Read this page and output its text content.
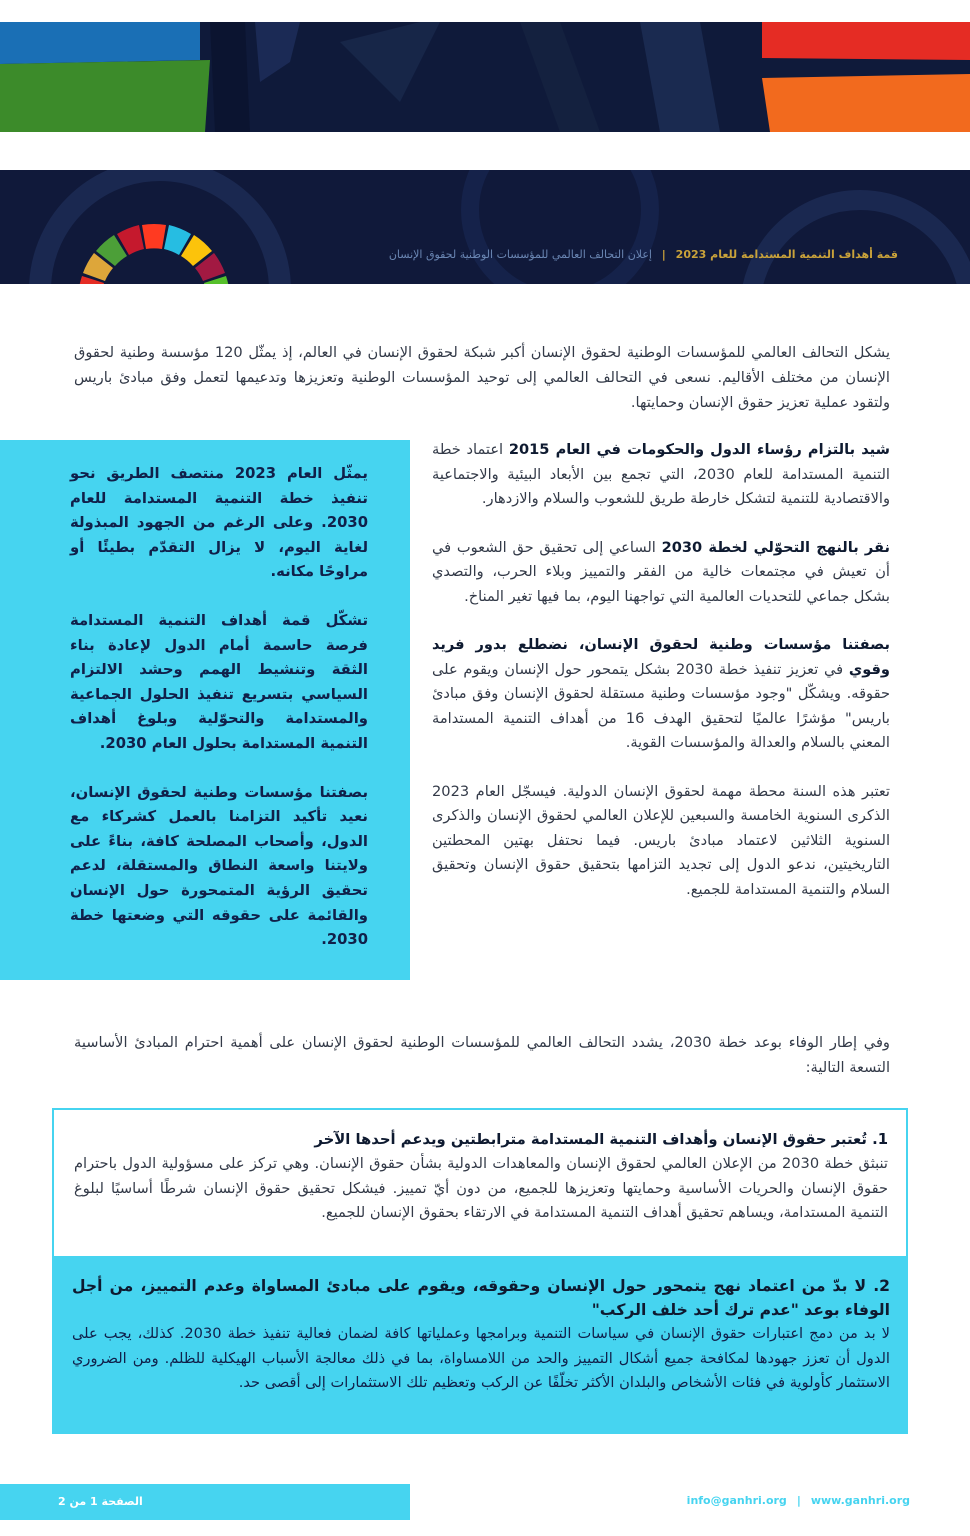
قمة أهداف التنمية المستدامة للعام 2023 | إعلان التحالف العالمي للمؤسسات الوطنية لحقوق الإنسان

يشكل التحالف العالمي للمؤسسات الوطنية لحقوق الإنسان أكبر شبكة لحقوق الإنسان في العالم، إذ يمثّل 120 مؤسسة وطنية لحقوق الإنسان من مختلف الأقاليم. نسعى في التحالف العالمي إلى توحيد المؤسسات الوطنية وتعزيزها وتدعيمها لتعمل وفق مبادئ باريس ولتقود عملية تعزيز حقوق الإنسان وحمايتها.

يمثّل العام 2023 منتصف الطريق نحو تنفيذ خطة التنمية المستدامة للعام 2030. وعلى الرغم من الجهود المبذولة لغاية اليوم، لا يزال التقدّم بطيئًا أو مراوحًا مكانه.

تشكّل قمة أهداف التنمية المستدامة فرصة حاسمة أمام الدول لإعادة بناء الثقة وتنشيط الهمم وحشد الالتزام السياسي بتسريع تنفيذ الحلول الجماعية والمستدامة والتحوّلية وبلوغ أهداف التنمية المستدامة بحلول العام 2030.

بصفتنا مؤسسات وطنية لحقوق الإنسان، نعيد تأكيد التزامنا بالعمل كشركاء مع الدول، وأصحاب المصلحة كافة، بناءً على ولايتنا واسعة النطاق والمستقلة، لدعم تحقيق الرؤية المتمحورة حول الإنسان والقائمة على حقوقه التي وضعتها خطة 2030.

شيد بالتزام رؤساء الدول والحكومات في العام 2015 اعتماد خطة التنمية المستدامة للعام 2030، التي تجمع بين الأبعاد البيئية والاجتماعية والاقتصادية للتنمية لتشكل خارطة طريق للشعوب والسلام والازدهار.

نقر بالنهج التحوّلي لخطة 2030 الساعي إلى تحقيق حق الشعوب في أن تعيش في مجتمعات خالية من الفقر والتمييز وبلاء الحرب، والتصدي بشكل جماعي للتحديات العالمية التي تواجهنا اليوم، بما فيها تغير المناخ.

بصفتنا مؤسسات وطنية لحقوق الإنسان، نضطلع بدور فريد وقوي في تعزيز تنفيذ خطة 2030 بشكل يتمحور حول الإنسان ويقوم على حقوقه. ويشكّل "وجود مؤسسات وطنية مستقلة لحقوق الإنسان وفق مبادئ باريس" مؤشرًا عالميًا لتحقيق الهدف 16 من أهداف التنمية المستدامة المعني بالسلام والعدالة والمؤسسات القوية.

تعتبر هذه السنة محطة مهمة لحقوق الإنسان الدولية. فيسجّل العام 2023 الذكرى السنوية الخامسة والسبعين للإعلان العالمي لحقوق الإنسان والذكرى السنوية الثلاثين لاعتماد مبادئ باريس. فيما نحتفل بهتين المحطتين التاريخيتين، ندعو الدول إلى تجديد التزامها بتحقيق حقوق الإنسان وتحقيق السلام والتنمية المستدامة للجميع.

وفي إطار الوفاء بوعد خطة 2030، يشدد التحالف العالمي للمؤسسات الوطنية لحقوق الإنسان على أهمية احترام المبادئ الأساسية التسعة التالية:

1. تُعتبر حقوق الإنسان وأهداف التنمية المستدامة مترابطتين ويدعم أحدها الآخر

تنبثق خطة 2030 من الإعلان العالمي لحقوق الإنسان والمعاهدات الدولية بشأن حقوق الإنسان. وهي تركز على مسؤولية الدول باحترام حقوق الإنسان والحريات الأساسية وحمايتها وتعزيزها للجميع، من دون أيّ تمييز. فيشكل تحقيق حقوق الإنسان شرطًا أساسيًا لبلوغ التنمية المستدامة، ويساهم تحقيق أهداف التنمية المستدامة في الارتقاء بحقوق الإنسان للجميع.

2. لا بدّ من اعتماد نهج يتمحور حول الإنسان وحقوقه، ويقوم على مبادئ المساواة وعدم التمييز، من أجل الوفاء بوعد "عدم ترك أحد خلف الركب"

لا بد من دمج اعتبارات حقوق الإنسان في سياسات التنمية وبرامجها وعملياتها كافة لضمان فعالية تنفيذ خطة 2030. كذلك، يجب على الدول أن تعزز جهودها لمكافحة جميع أشكال التمييز والحد من اللامساواة، بما في ذلك معالجة الأسباب الهيكلية للظلم. ومن الضروري الاستثمار كأولوية في فئات الأشخاص والبلدان الأكثر تخلّفًا عن الركب وتعظيم تلك الاستثمارات إلى أقصى حد.

الصفحة 1 من 2	info@ganhri.org | www.ganhri.org
